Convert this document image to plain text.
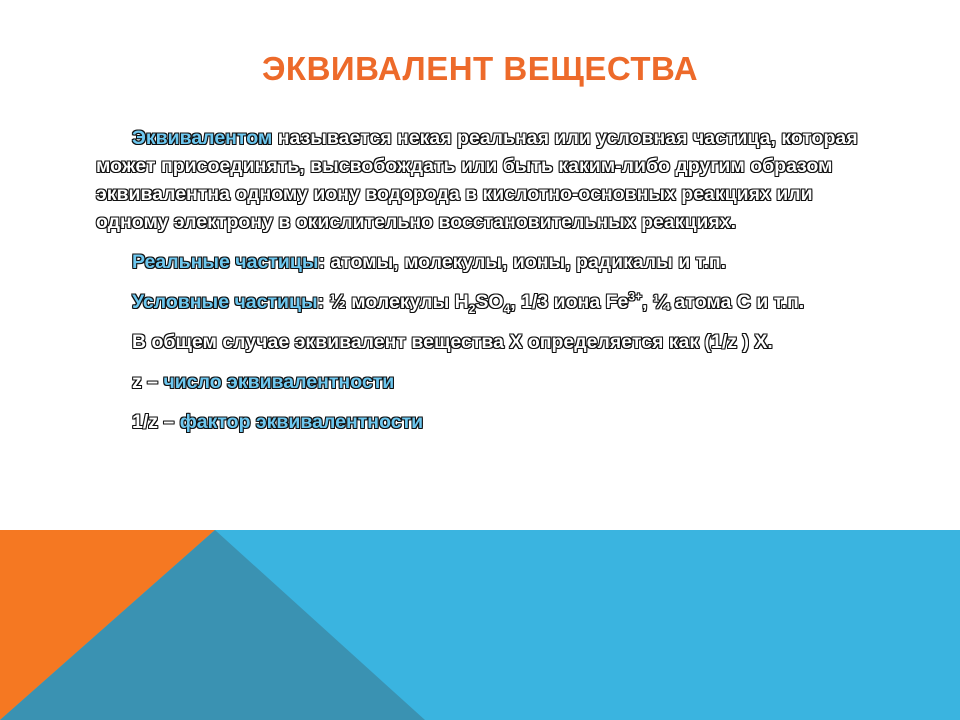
ЭКВИВАЛЕНТ ВЕЩЕСТВА

Эквивалентом называется некая реальная или условная частица, которая может присоединять, высвобождать или быть каким-либо другим образом эквивалентна одному иону водорода в кислотно-основных реакциях или одному электрону в окислительно восстановительных реакциях.

Реальные частицы: атомы, молекулы, ионы, радикалы и т.п.

Условные частицы: ½ молекулы $H_2SO_4$, 1/3 иона $Fe^{3+}$, ¼ атома С и т.п.

В общем случае эквивалент вещества Х определяется как (1/z ) Х.

z – число эквивалентности

1/z – фактор эквивалентности
